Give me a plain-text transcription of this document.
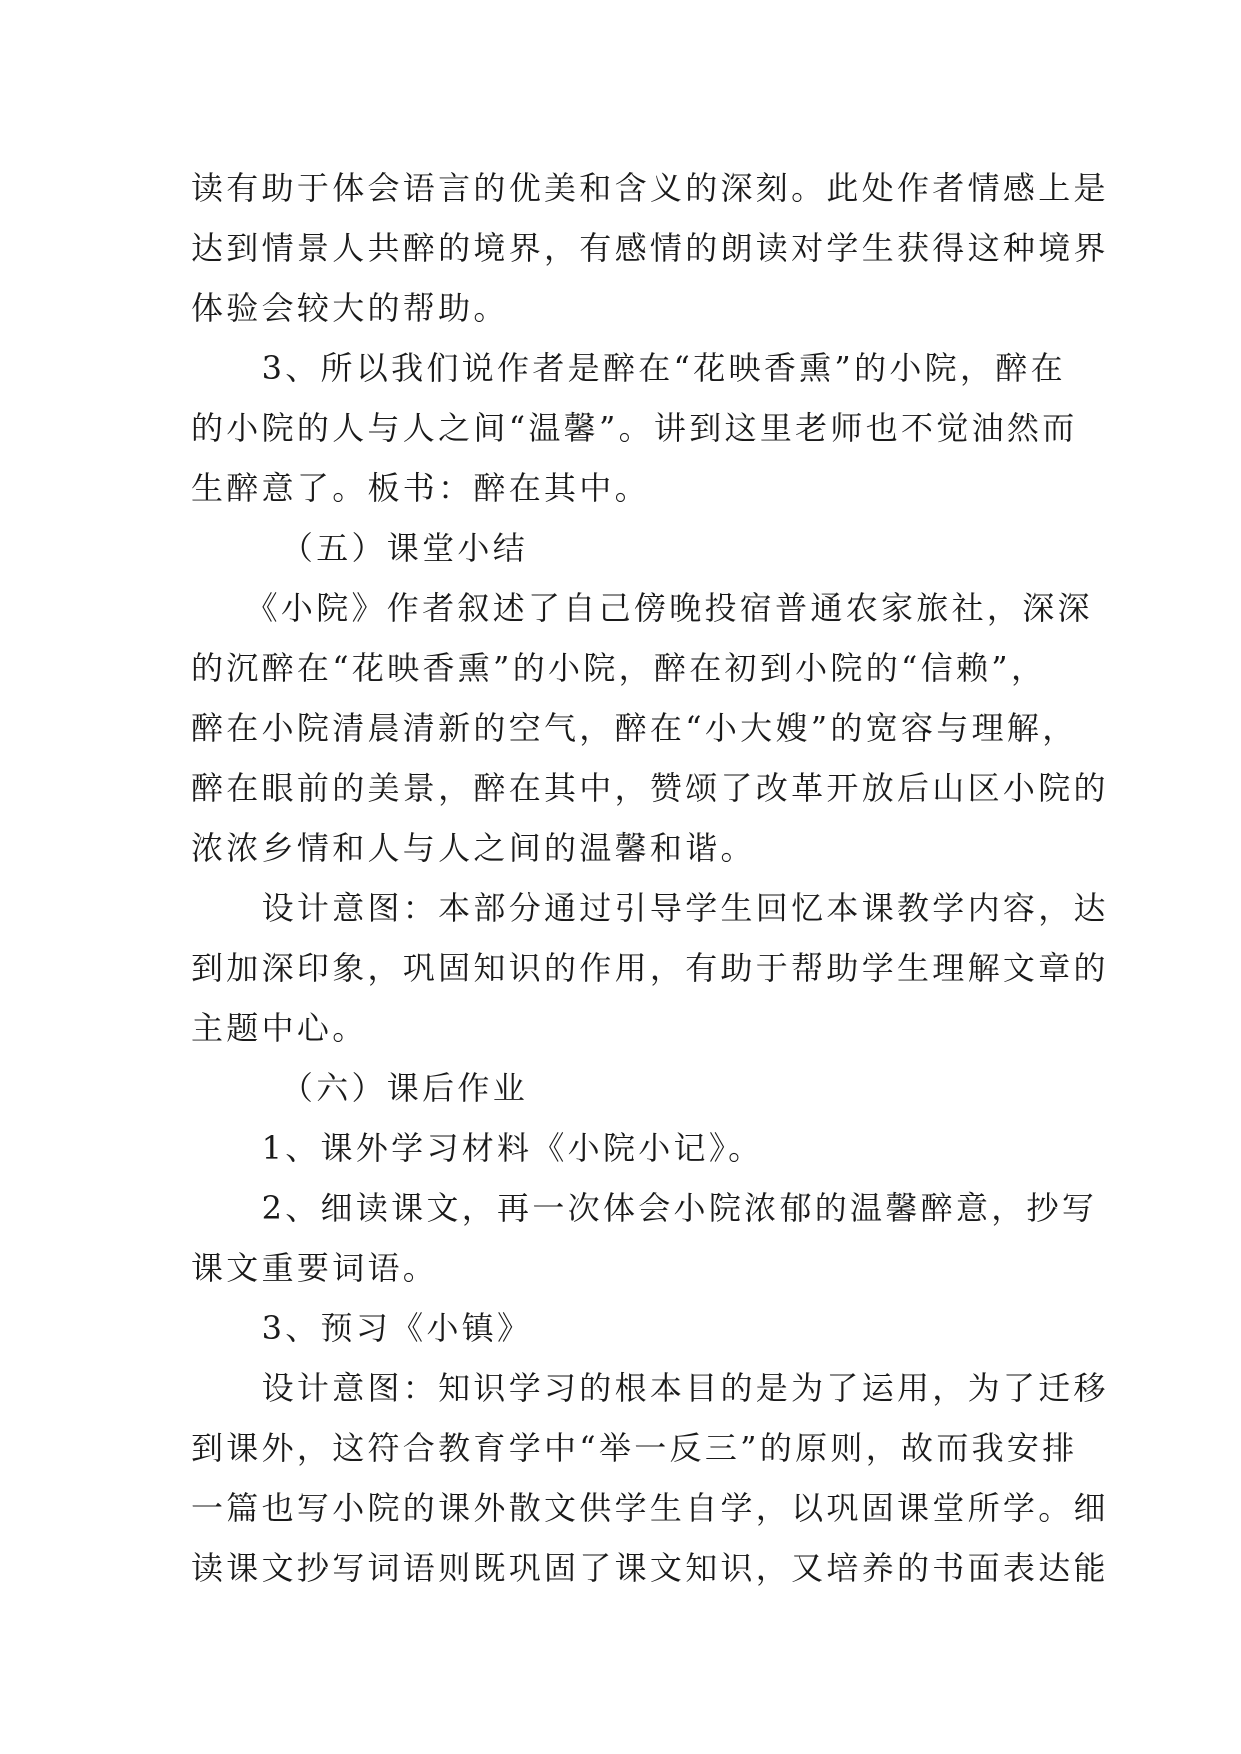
读有助于体会语言的优美和含义的深刻。此处作者情感上是
达到情景人共醉的境界，有感情的朗读对学生获得这种境界
体验会较大的帮助。
　　3、所以我们说作者是醉在“花映香熏”的小院，醉在
的小院的人与人之间“温馨”。讲到这里老师也不觉油然而
生醉意了。板书：醉在其中。
　　　（五）课堂小结
　　《小院》作者叙述了自己傍晚投宿普通农家旅社，深深
的沉醉在“花映香熏”的小院，醉在初到小院的“信赖”，
醉在小院清晨清新的空气，醉在“小大嫂”的宽容与理解，
醉在眼前的美景，醉在其中，赞颂了改革开放后山区小院的
浓浓乡情和人与人之间的温馨和谐。
　　设计意图：本部分通过引导学生回忆本课教学内容，达
到加深印象，巩固知识的作用，有助于帮助学生理解文章的
主题中心。
　　　（六）课后作业
　　1、课外学习材料《小院小记》。
　　2、细读课文，再一次体会小院浓郁的温馨醉意，抄写
课文重要词语。
　　3、预习《小镇》
　　设计意图：知识学习的根本目的是为了运用，为了迁移
到课外，这符合教育学中“举一反三”的原则，故而我安排
一篇也写小院的课外散文供学生自学，以巩固课堂所学。细
读课文抄写词语则既巩固了课文知识，又培养的书面表达能
